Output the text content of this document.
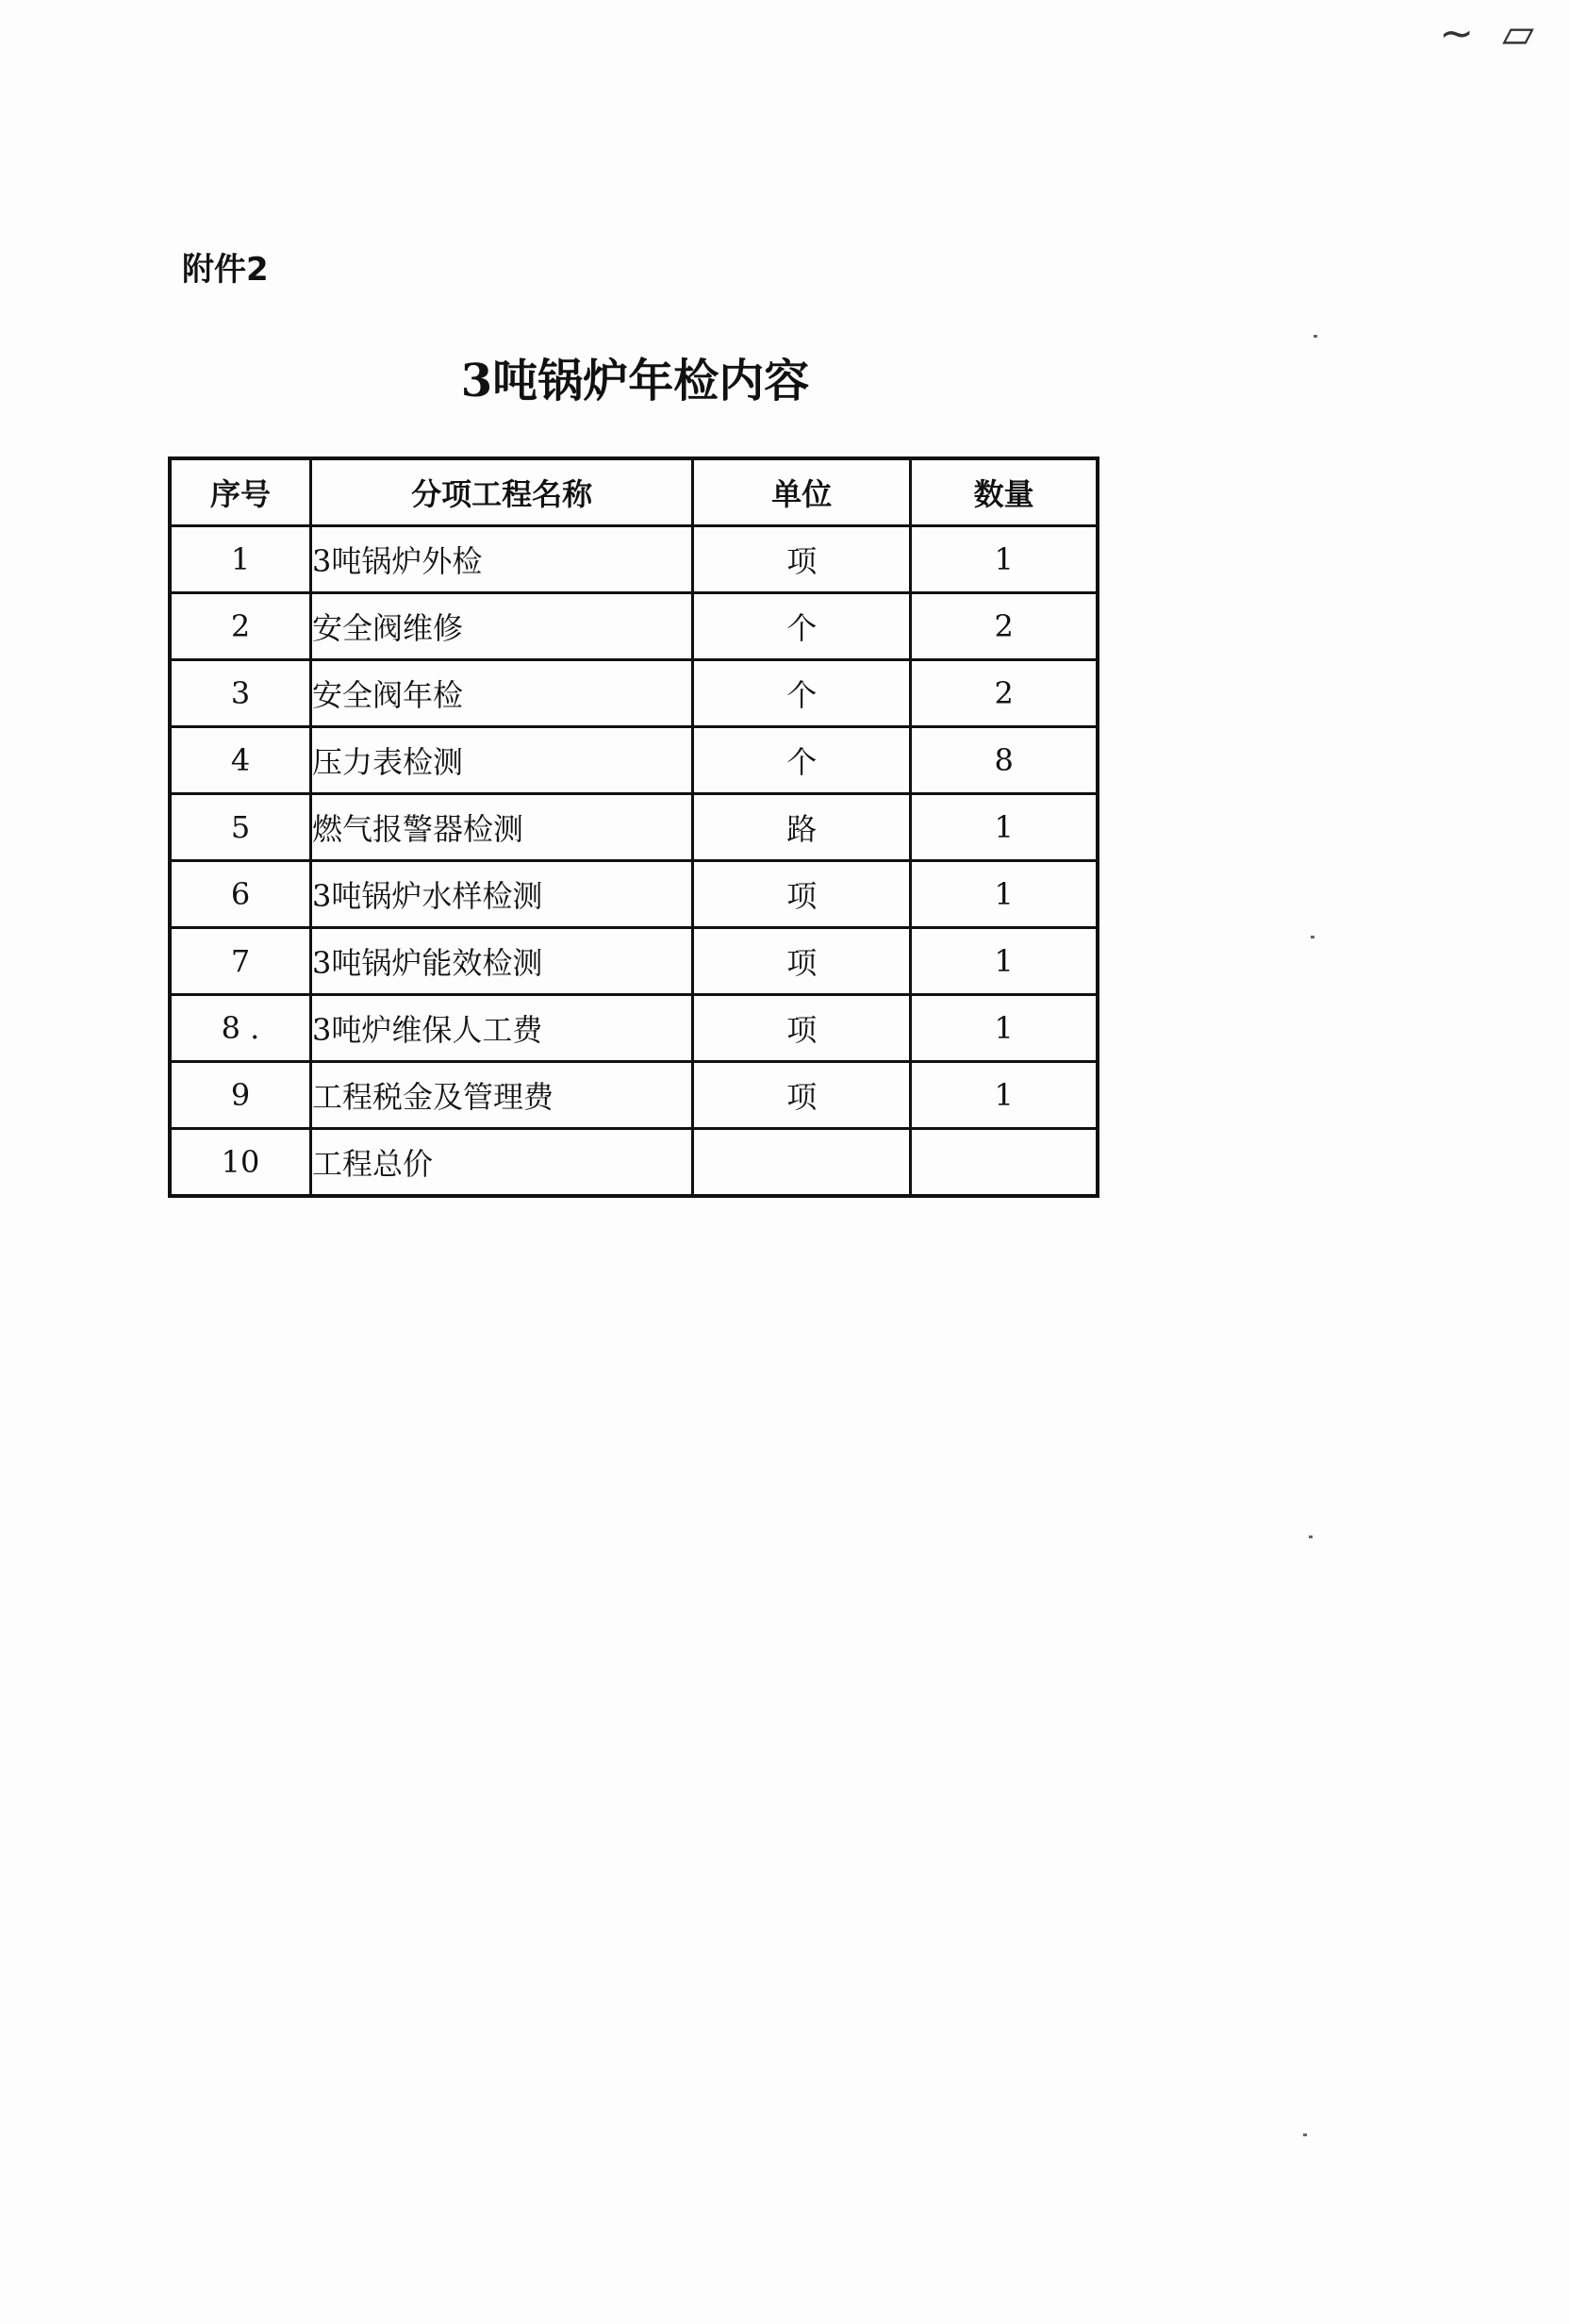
~ ▱
附件2
3吨锅炉年检内容
序号	分项工程名称	单位	数量
1	3吨锅炉外检	项	1
2	安全阀维修	个	2
3	安全阀年检	个	2
4	压力表检测	个	8
5	燃气报警器检测	路	1
6	3吨锅炉水样检测	项	1
7	3吨锅炉能效检测	项	1
8 .	3吨炉维保人工费	项	1
9	工程税金及管理费	项	1
10	工程总价		
